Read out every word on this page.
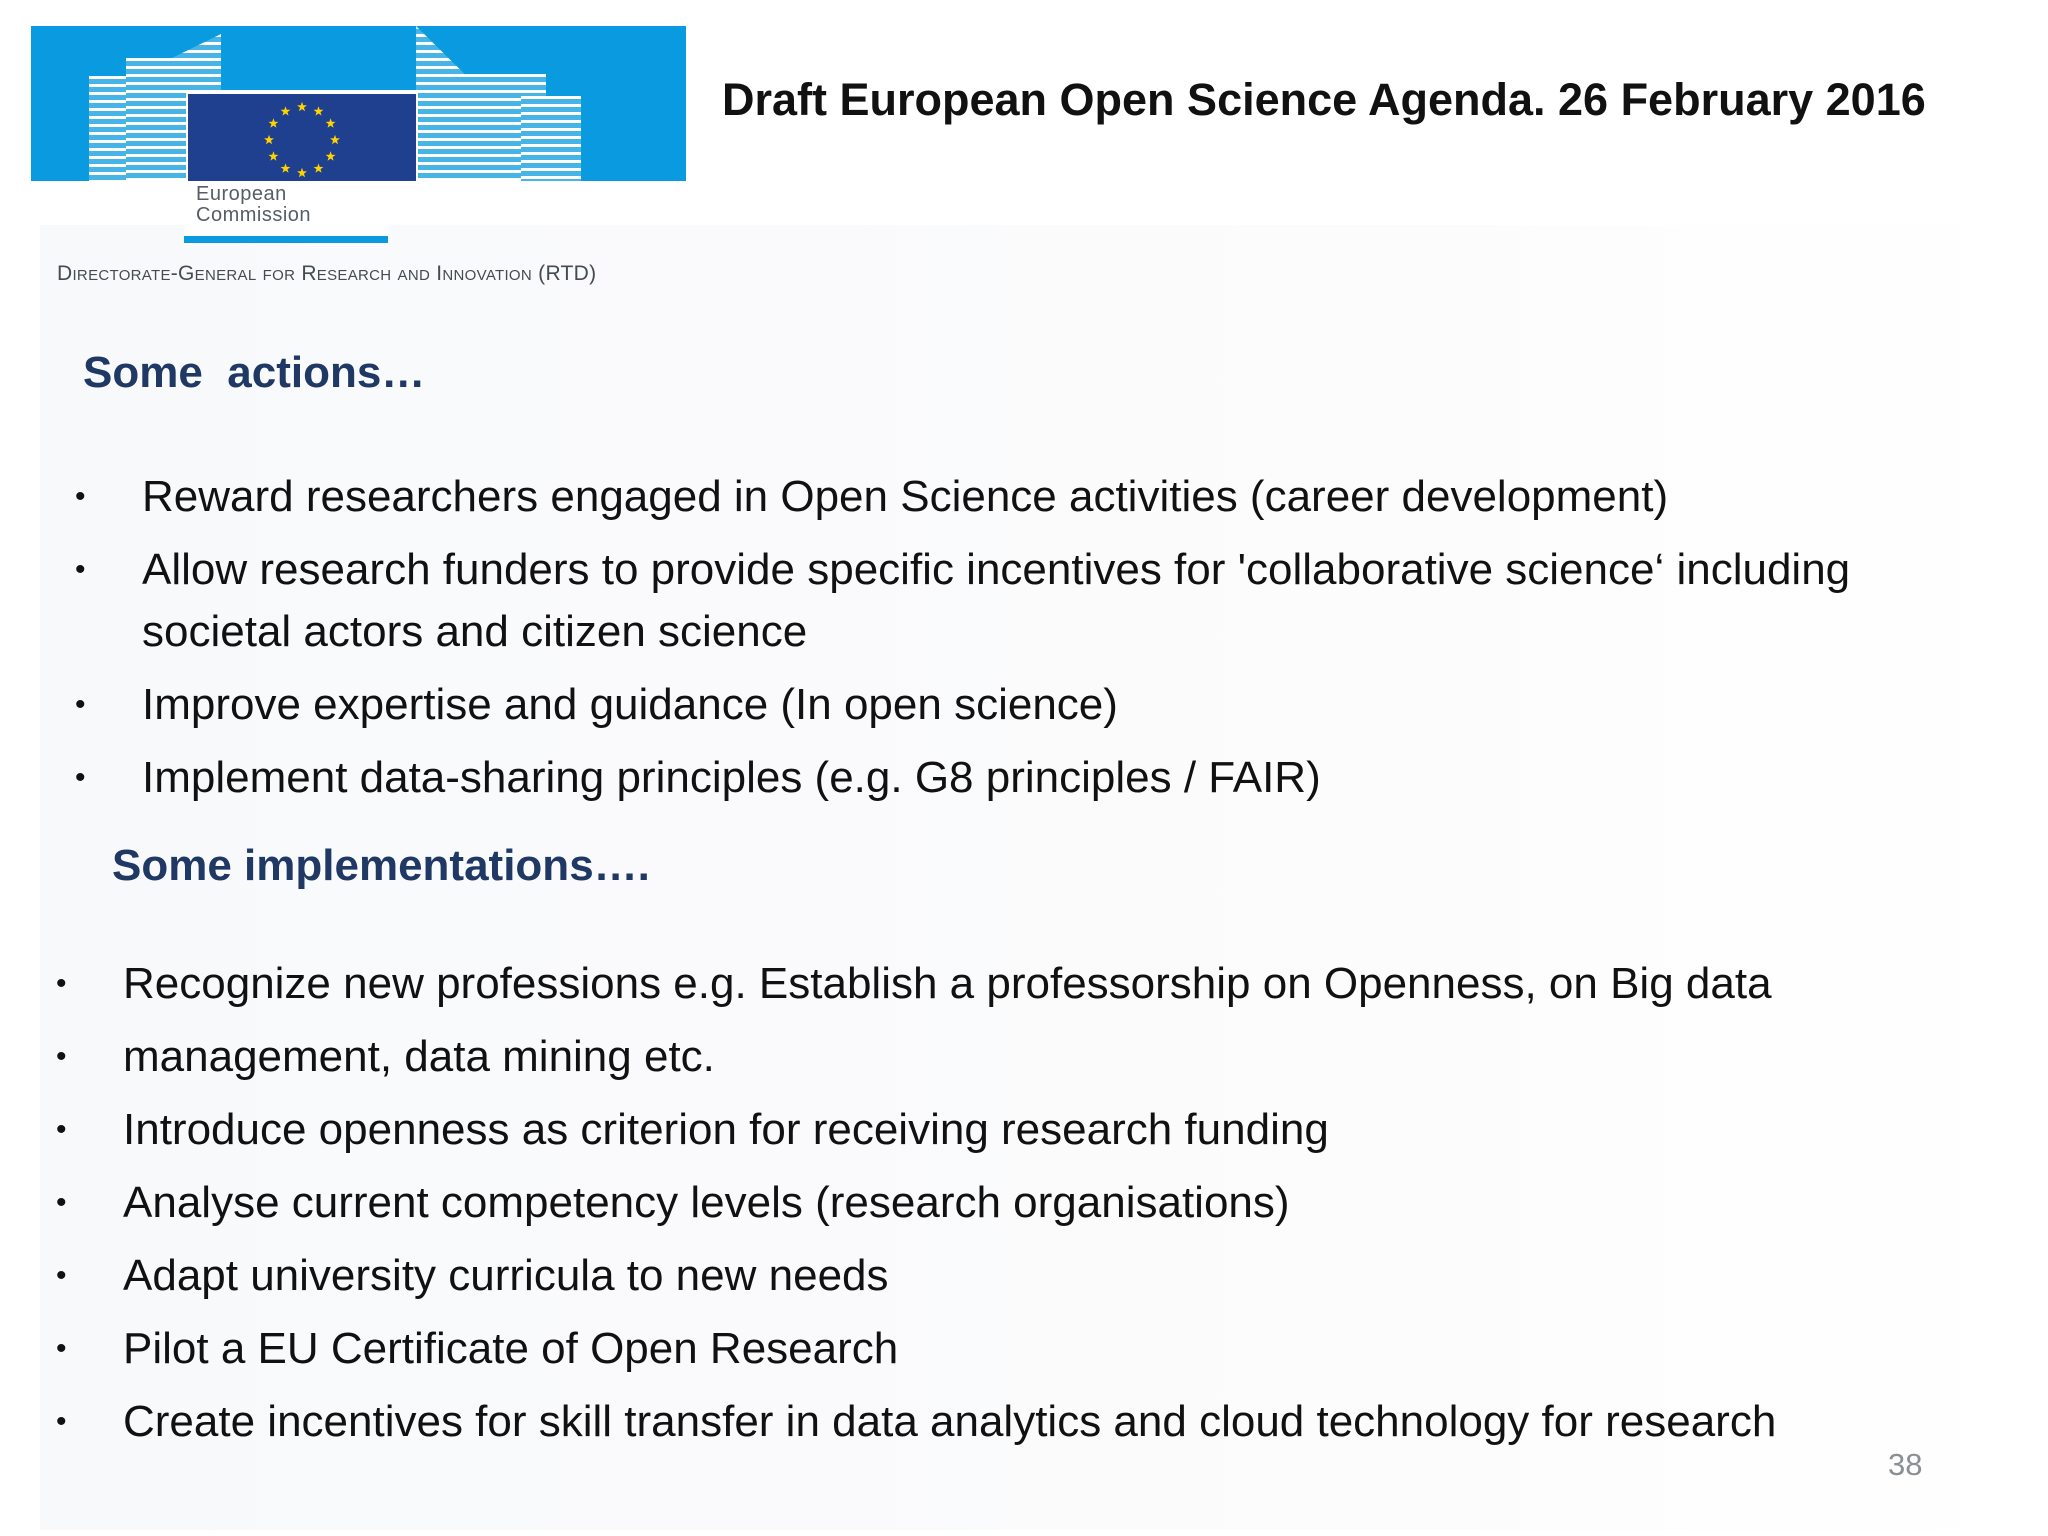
European
Commission
Directorate-General for Research and Innovation (RTD)
Draft European Open Science Agenda. 26 February 2016
Some  actions…
• Reward researchers engaged in Open Science activities (career development)
• Allow research funders to provide specific incentives for 'collaborative science‘ including societal actors and citizen science
• Improve expertise and guidance (In open science)
• Implement data-sharing principles (e.g. G8 principles / FAIR)
Some implementations….
• Recognize new professions e.g. Establish a professorship on Openness, on Big data
• management, data mining etc.
• Introduce openness as criterion for receiving research funding
• Analyse current competency levels (research organisations)
• Adapt university curricula to new needs
• Pilot a EU Certificate of Open Research
• Create incentives for skill transfer in data analytics and cloud technology for research
38
